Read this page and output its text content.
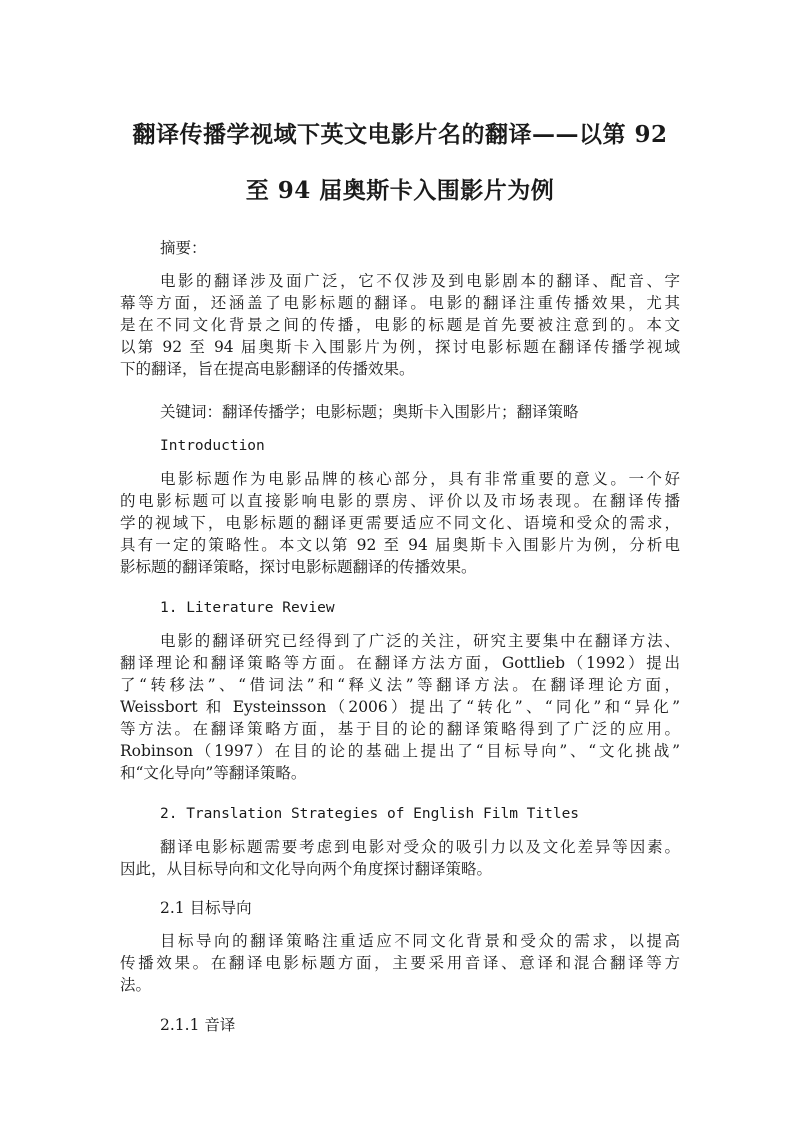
翻译传播学视域下英文电影片名的翻译——以第 92
至 94 届奥斯卡入围影片为例
摘要：
电影的翻译涉及面广泛，它不仅涉及到电影剧本的翻译、配音、字
幕等方面，还涵盖了电影标题的翻译。电影的翻译注重传播效果，尤其
是在不同文化背景之间的传播，电影的标题是首先要被注意到的。本文
以第 92 至 94 届奥斯卡入围影片为例，探讨电影标题在翻译传播学视域
下的翻译，旨在提高电影翻译的传播效果。
关键词：翻译传播学；电影标题；奥斯卡入围影片；翻译策略
Introduction
电影标题作为电影品牌的核心部分，具有非常重要的意义。一个好
的电影标题可以直接影响电影的票房、评价以及市场表现。在翻译传播
学的视域下，电影标题的翻译更需要适应不同文化、语境和受众的需求，
具有一定的策略性。本文以第 92 至 94 届奥斯卡入围影片为例，分析电
影标题的翻译策略，探讨电影标题翻译的传播效果。
1. Literature Review
电影的翻译研究已经得到了广泛的关注，研究主要集中在翻译方法、
翻译理论和翻译策略等方面。在翻译方法方面，Gottlieb（1992）提出
了“转移法”、“借词法”和“释义法”等翻译方法。在翻译理论方面，
Weissbort 和 Eysteinsson（2006）提出了“转化”、“同化”和“异化”
等方法。在翻译策略方面，基于目的论的翻译策略得到了广泛的应用。
Robinson（1997）在目的论的基础上提出了“目标导向”、“文化挑战”
和“文化导向”等翻译策略。
2. Translation Strategies of English Film Titles
翻译电影标题需要考虑到电影对受众的吸引力以及文化差异等因素。
因此，从目标导向和文化导向两个角度探讨翻译策略。
2.1 目标导向
目标导向的翻译策略注重适应不同文化背景和受众的需求，以提高
传播效果。在翻译电影标题方面，主要采用音译、意译和混合翻译等方
法。
2.1.1 音译
